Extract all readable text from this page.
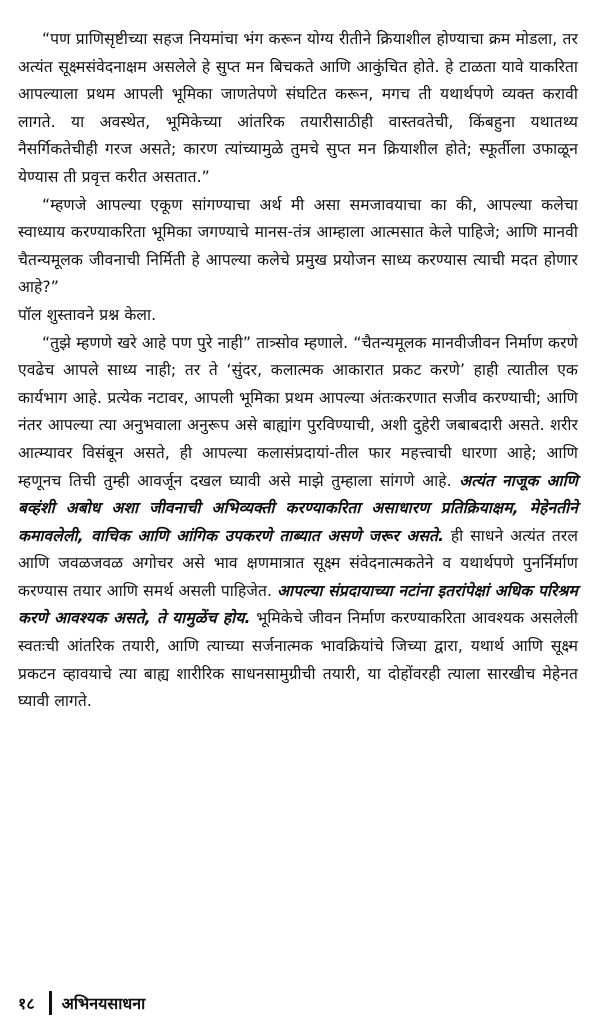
“पण प्राणिसृष्टीच्या सहज नियमांचा भंग करून योग्य रीतीने क्रियाशील होण्याचा क्रम मोडला, तर अत्यंत सूक्ष्मसंवेदनाक्षम असलेले हे सुप्त मन बिचकते आणि आकुंचित होते. हे टाळता यावे याकरिता आपल्याला प्रथम आपली भूमिका जाणतेपणे संघटित करून, मगच ती यथार्थपणे व्यक्त करावी लागते. या अवस्थेत, भूमिकेच्या आंतरिक तयारीसाठीही वास्तवतेची, किंबहुना यथातथ्य नैसर्गिकतेचीही गरज असते; कारण त्यांच्यामुळे तुमचे सुप्त मन क्रियाशील होते; स्फूर्तीला उफाळून येण्यास ती प्रवृत्त करीत असतात.”

“म्हणजे आपल्या एकूण सांगण्याचा अर्थ मी असा समजावयाचा का की, आपल्या कलेचा स्वाध्याय करण्याकरिता भूमिका जगण्याचे मानस-तंत्र आम्हाला आत्मसात केले पाहिजे; आणि मानवी चैतन्यमूलक जीवनाची निर्मिती हे आपल्या कलेचे प्रमुख प्रयोजन साध्य करण्यास त्याची मदत होणार आहे?”

पॉल शुस्तावने प्रश्न केला.

“तुझे म्हणणे खरे आहे पण पुरे नाही” तात्र्सोव म्हणाले. “चैतन्यमूलक मानवीजीवन निर्माण करणे एवढेच आपले साध्य नाही; तर ते ‘सुंदर, कलात्मक आकारात प्रकट करणे’ हाही त्यातील एक कार्यभाग आहे. प्रत्येक नटावर, आपली भूमिका प्रथम आपल्या अंतःकरणात सजीव करण्याची; आणि नंतर आपल्या त्या अनुभवाला अनुरूप असे बाह्यांग पुरविण्याची, अशी दुहेरी जबाबदारी असते. शरीर आत्म्यावर विसंबून असते, ही आपल्या कलासंप्रदायां-तील फार महत्त्वाची धारणा आहे; आणि म्हणूनच तिची तुम्ही आवर्जून दखल घ्यावी असे माझे तुम्हाला सांगणे आहे. अत्यंत नाजूक आणि बव्हंशी अबोध अशा जीवनाची अभिव्यक्ती करण्याकरिता असाधारण प्रतिक्रियाक्षम, मेहेनतीने कमावलेली, वाचिक आणि आंगिक उपकरणे ताब्यात असणे जरूर असते. ही साधने अत्यंत तरल आणि जवळजवळ अगोचर असे भाव क्षणमात्रात सूक्ष्म संवेदनात्मकतेने व यथार्थपणे पुनर्निर्माण करण्यास तयार आणि समर्थ असली पाहिजेत. आपल्या संप्रदायाच्या नटांना इतरांपेक्षां अधिक परिश्रम करणे आवश्यक असते, ते यामुळेंच होय. भूमिकेचे जीवन निर्माण करण्याकरिता आवश्यक असलेली स्वतःची आंतरिक तयारी, आणि त्याच्या सर्जनात्मक भावक्रियांचे जिच्या द्वारा, यथार्थ आणि सूक्ष्म प्रकटन व्हावयाचे त्या बाह्य शारीरिक साधनसामुग्रीची तयारी, या दोहोंवरही त्याला सारखीच मेहेनत घ्यावी लागते.

१८ अभिनयसाधना
